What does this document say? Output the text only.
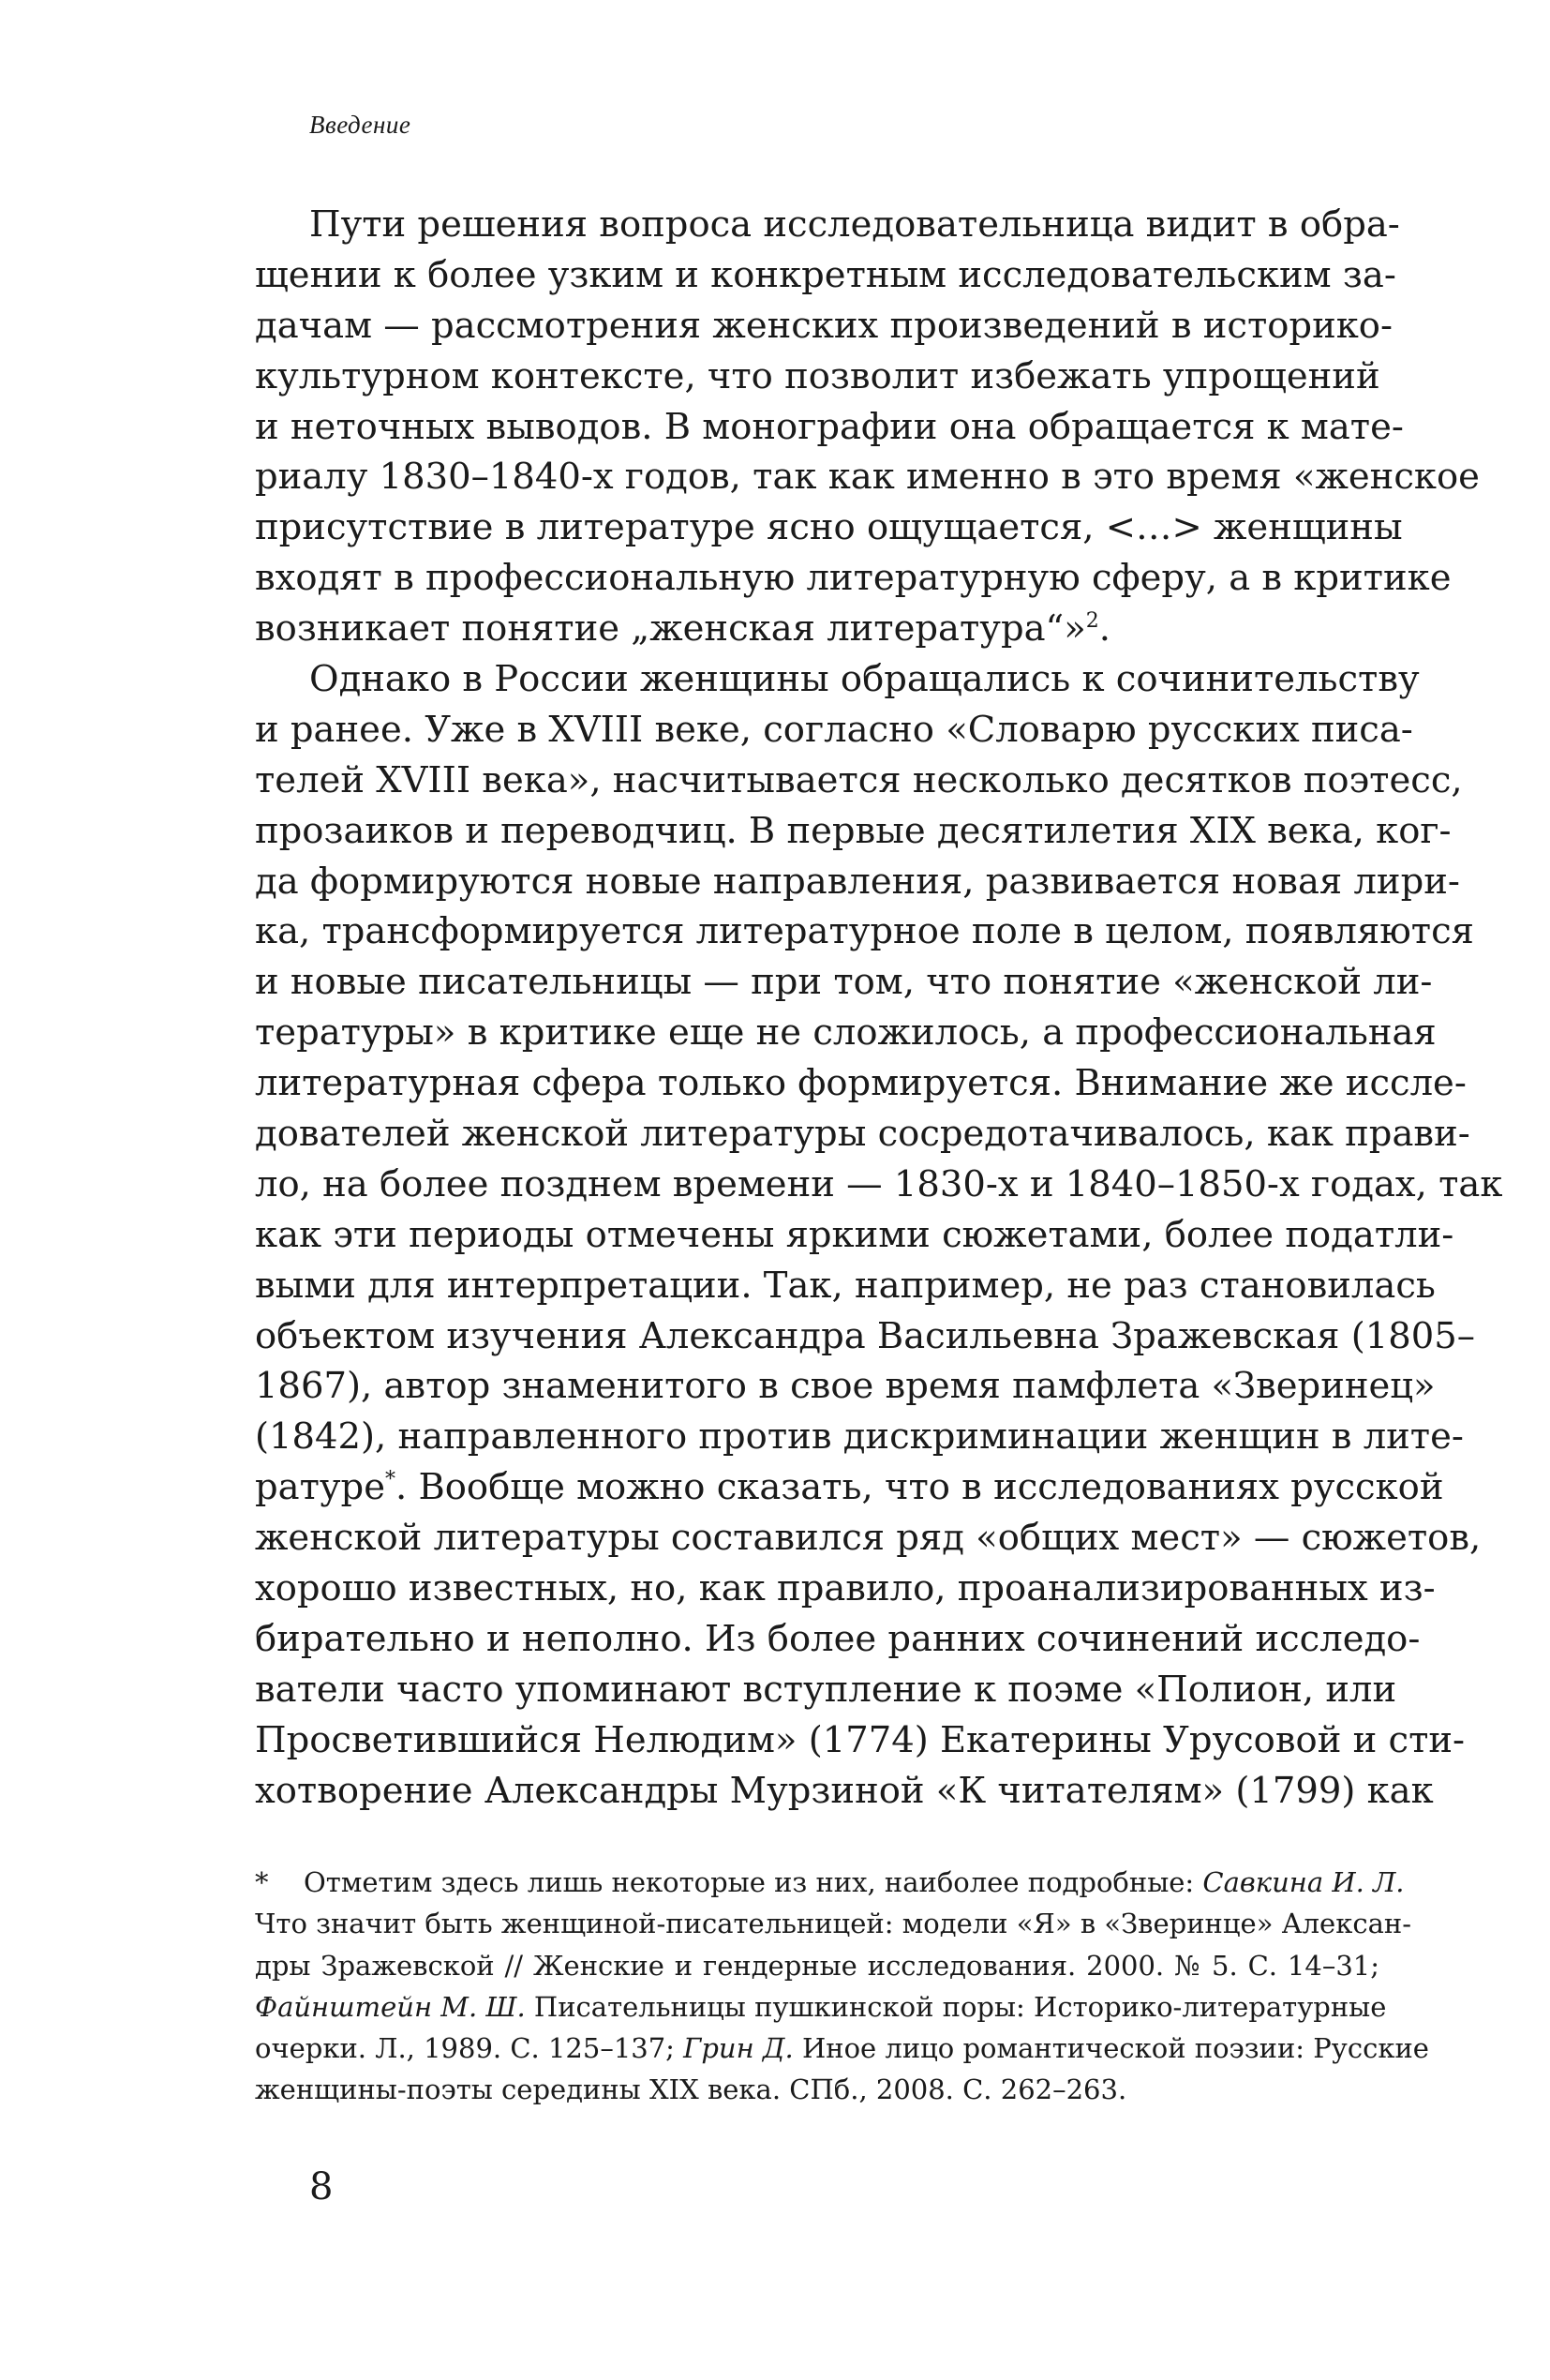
Введение

Пути решения вопроса исследовательница видит в обра-
щении к более узким и конкретным исследовательским за-
дачам — рассмотрения женских произведений в историко-
культурном контексте, что позволит избежать упрощений
и неточных выводов. В монографии она обращается к мате-
риалу 1830–1840-х годов, так как именно в это время «женское
присутствие в литературе ясно ощущается, <…> женщины
входят в профессиональную литературную сферу, а в критике
возникает понятие „женская литература“»$^2$.

Однако в России женщины обращались к сочинительству
и ранее. Уже в XVIII веке, согласно «Словарю русских писа-
телей XVIII века», насчитывается несколько десятков поэтесс,
прозаиков и переводчиц. В первые десятилетия XIX века, ког-
да формируются новые направления, развивается новая лири-
ка, трансформируется литературное поле в целом, появляются
и новые писательницы — при том, что понятие «женской ли-
тературы» в критике еще не сложилось, а профессиональная
литературная сфера только формируется. Внимание же иссле-
дователей женской литературы сосредотачивалось, как прави-
ло, на более позднем времени — 1830-х и 1840–1850-х годах, так
как эти периоды отмечены яркими сюжетами, более податли-
выми для интерпретации. Так, например, не раз становилась
объектом изучения Александра Васильевна Зражевская (1805–
1867), автор знаменитого в свое время памфлета «Зверинец»
(1842), направленного против дискриминации женщин в лите-
ратуре*. Вообще можно сказать, что в исследованиях русской
женской литературы составился ряд «общих мест» — сюжетов,
хорошо известных, но, как правило, проанализированных из-
бирательно и неполно. Из более ранних сочинений исследо-
ватели часто упоминают вступление к поэме «Полион, или
Просветившийся Нелюдим» (1774) Екатерины Урусовой и сти-
хотворение Александры Мурзиной «К читателям» (1799) как

* Отметим здесь лишь некоторые из них, наиболее подробные: Савкина И. Л.
Что значит быть женщиной-писательницей: модели «Я» в «Зверинце» Алексан-
дры Зражевской // Женские и гендерные исследования. 2000. № 5. С. 14–31;
Файнштейн М. Ш. Писательницы пушкинской поры: Историко-литературные
очерки. Л., 1989. С. 125–137; Грин Д. Иное лицо романтической поэзии: Русские
женщины-поэты середины XIX века. СПб., 2008. С. 262–263.
8
